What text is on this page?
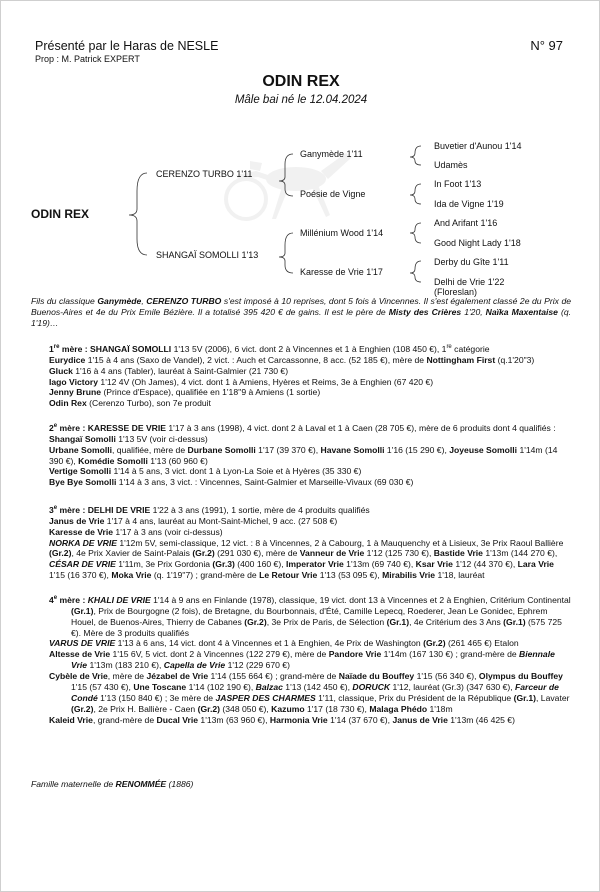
Présenté par le Haras de NESLE
Prop : M. Patrick EXPERT
N° 97
ODIN REX
Mâle bai né le 12.04.2024
ODIN REX
CERENZO TURBO 1'11
SHANGAÏ SOMOLLI 1'13
Ganymède 1'11
Poésie de Vigne
Millénium Wood 1'14
Karesse de Vrie 1'17
Buvetier d'Aunou 1'14
Udamès
In Foot 1'13
Ida de Vigne 1'19
And Arifant 1'16
Good Night Lady 1'18
Derby du Gîte 1'11
Delhi de Vrie 1'22
(Floreslan)
Fils du classique Ganymède, CERENZO TURBO s'est imposé à 10 reprises, dont 5 fois à Vincennes. Il s'est également classé 2e du Prix de Buenos-Aires et 4e du Prix Emile Bézière. Il a totalisé 395 420 € de gains. Il est le père de Misty des Crières 1'20, Naïka Maxentaise (q. 1'19)…

1re mère : SHANGAÏ SOMOLLI 1'13 5V (2006), 6 vict. dont 2 à Vincennes et 1 à Enghien (108 450 €), 1re catégorie

Eurydice 1'15 à 4 ans (Saxo de Vandel), 2 vict. : Auch et Carcassonne, 8 acc. (52 185 €), mère de Nottingham First (q.1'20"3)

Gluck 1'16 à 4 ans (Tabler), lauréat à Saint-Galmier (21 730 €)

Iago Victory 1'12 4V (Oh James), 4 vict. dont 1 à Amiens, Hyères et Reims, 3e à Enghien (67 420 €)

Jenny Brune (Prince d'Espace), qualifiée en 1'18''9 à Amiens (1 sortie)

Odin Rex (Cerenzo Turbo), son 7e produit

2e mère : KARESSE DE VRIE 1'17 à 3 ans (1998), 4 vict. dont 2 à Laval et 1 à Caen (28 705 €), mère de 6 produits dont 4 qualifiés :

Shangaï Somolli 1'13 5V (voir ci-dessus)

Urbane Somolli, qualifiée, mère de Durbane Somolli 1'17 (39 370 €), Havane Somolli 1'16 (15 290 €), Joyeuse Somolli 1'14m (14 390 €), Komédie Somolli 1'13 (60 960 €)

Vertige Somolli 1'14 à 5 ans, 3 vict. dont 1 à Lyon-La Soie et à Hyères (35 330 €)

Bye Bye Somolli 1'14 à 3 ans, 3 vict. : Vincennes, Saint-Galmier et Marseille-Vivaux (69 030 €)

3e mère : DELHI DE VRIE 1'22 à 3 ans (1991), 1 sortie, mère de 4 produits qualifiés

Janus de Vrie 1'17 à 4 ans, lauréat au Mont-Saint-Michel, 9 acc. (27 508 €)

Karesse de Vrie 1'17 à 3 ans (voir ci-dessus)

NORKA DE VRIE 1'12m 5V, semi-classique, 12 vict. : 8 à Vincennes, 2 à Cabourg, 1 à Mauquenchy et à Lisieux, 3e Prix Raoul Ballière (Gr.2), 4e Prix Xavier de Saint-Palais (Gr.2) (291 030 €), mère de Vanneur de Vrie 1'12 (125 730 €), Bastide Vrie 1'13m (144 270 €), CÉSAR DE VRIE 1'11m, 3e Prix Gordonia (Gr.3) (400 160 €), Imperator Vrie 1'13m (69 740 €), Ksar Vrie 1'12 (44 370 €), Lara Vrie 1'15 (16 370 €), Moka Vrie (q. 1'19''7) ; grand-mère de Le Retour Vrie 1'13 (53 095 €), Mirabilis Vrie 1'18, lauréat

4e mère : KHALI DE VRIE 1'14 à 9 ans en Finlande (1978), classique, 19 vict. dont 13 à Vincennes et 2 à Enghien, Critérium Continental (Gr.1), Prix de Bourgogne (2 fois), de Bretagne, du Bourbonnais, d'Été, Camille Lepecq, Roederer, Jean Le Gonidec, Ephrem Houel, de Buenos-Aires, Thierry de Cabanes (Gr.2), 3e Prix de Paris, de Sélection (Gr.1), 4e Critérium des 3 Ans (Gr.1) (575 725 €). Mère de 3 produits qualifiés

VARUS DE VRIE 1'13 à 6 ans, 14 vict. dont 4 à Vincennes et 1 à Enghien, 4e Prix de Washington (Gr.2) (261 465 €) Etalon

Altesse de Vrie 1'15 6V, 5 vict. dont 2 à Vincennes (122 279 €), mère de Pandore Vrie 1'14m (167 130 €) ; grand-mère de Biennale Vrie 1'13m (183 210 €), Capella de Vrie 1'12 (229 670 €)

Cybèle de Vrie, mère de Jézabel de Vrie 1'14 (155 664 €) ; grand-mère de Naïade du Bouffey 1'15 (56 340 €), Olympus du Bouffey 1'15 (57 430 €), Une Toscane 1'14 (102 190 €), Balzac 1'13 (142 450 €), DORUCK 1'12, lauréat (Gr.3) (347 630 €), Farceur de Condé 1'13 (150 840 €) ; 3e mère de JASPER DES CHARMES 1'11, classique, Prix du Président de la République (Gr.1), Lavater (Gr.2), 2e Prix H. Ballière - Caen (Gr.2) (348 050 €), Kazumo 1'17 (18 730 €), Malaga Phédo 1'18m

Kaleid Vrie, grand-mère de Ducal Vrie 1'13m (63 960 €), Harmonia Vrie 1'14 (37 670 €), Janus de Vrie 1'13m (46 425 €)

Famille maternelle de RENOMMÉE (1886)
